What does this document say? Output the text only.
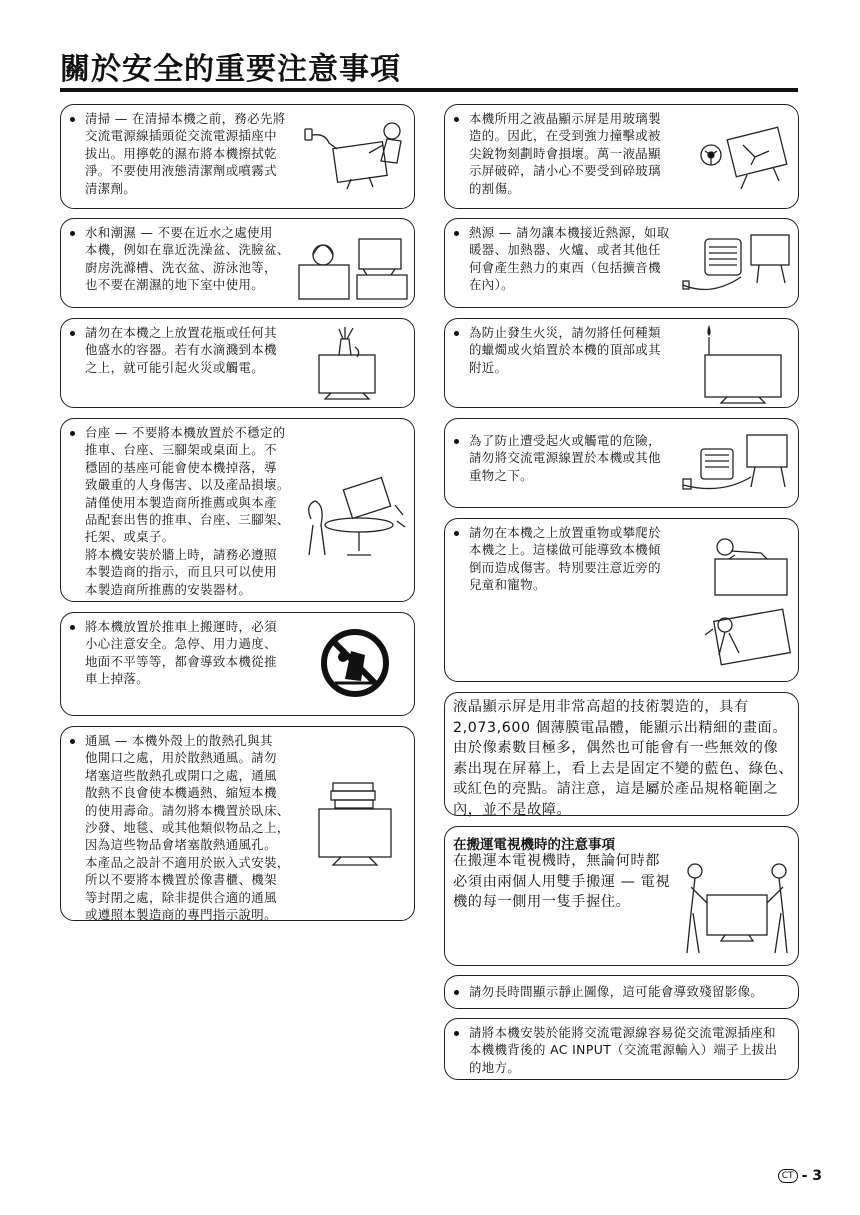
關於安全的重要注意事項
清掃 — 在清掃本機之前，務必先將
交流電源線插頭從交流電源插座中
拔出。用擰乾的濕布將本機擦拭乾
淨。不要使用液態清潔劑或噴霧式
清潔劑。
水和潮濕 — 不要在近水之處使用
本機，例如在靠近洗澡盆、洗臉盆、
廚房洗滌槽、洗衣盆、游泳池等，
也不要在潮濕的地下室中使用。
請勿在本機之上放置花瓶或任何其
他盛水的容器。若有水滴濺到本機
之上，就可能引起火災或觸電。
台座 — 不要將本機放置於不穩定的
推車、台座、三腳架或桌面上。不
穩固的基座可能會使本機掉落，導
致嚴重的人身傷害、以及產品損壞。
請僅使用本製造商所推薦或與本產
品配套出售的推車、台座、三腳架、
托架、或桌子。
將本機安裝於牆上時，請務必遵照
本製造商的指示，而且只可以使用
本製造商所推薦的安裝器材。
將本機放置於推車上搬運時，必須
小心注意安全。急停、用力過度、
地面不平等等，都會導致本機從推
車上掉落。
通風 — 本機外殼上的散熱孔與其
他開口之處，用於散熱通風。請勿
堵塞這些散熱孔或開口之處，通風
散熱不良會使本機過熱、縮短本機
的使用壽命。請勿將本機置於臥床、
沙發、地毯、或其他類似物品之上，
因為這些物品會堵塞散熱通風孔。
本產品之設計不適用於嵌入式安裝，
所以不要將本機置於像書櫃、機架
等封閉之處，除非提供合適的通風
或遵照本製造商的專門指示說明。
本機所用之液晶顯示屏是用玻璃製
造的。因此，在受到強力撞擊或被
尖銳物刻劃時會損壞。萬一液晶顯
示屏破碎，請小心不要受到碎玻璃
的割傷。
熱源 — 請勿讓本機接近熱源，如取
暖器、加熱器、火爐、或者其他任
何會產生熱力的東西（包括擴音機
在內）。
為防止發生火災，請勿將任何種類
的蠟燭或火焰置於本機的頂部或其
附近。
為了防止遭受起火或觸電的危險，
請勿將交流電源線置於本機或其他
重物之下。
請勿在本機之上放置重物或攀爬於
本機之上。這樣做可能導致本機傾
倒而造成傷害。特別要注意近旁的
兒童和寵物。
液晶顯示屏是用非常高超的技術製造的，具有
2,073,600 個薄膜電晶體，能顯示出精細的畫面。
由於像素數目極多，偶然也可能會有一些無效的像
素出現在屏幕上，看上去是固定不變的藍色、綠色、
或紅色的亮點。請注意，這是屬於產品規格範圍之
內，並不是故障。
在搬運電視機時的注意事項
在搬運本電視機時，無論何時都
必須由兩個人用雙手搬運 — 電視
機的每一側用一隻手握住。
請勿長時間顯示靜止圖像，這可能會導致殘留影像。
請將本機安裝於能將交流電源線容易從交流電源插座和
本機機背後的 AC INPUT（交流電源輸入）端子上拔出
的地方。
CT - 3
